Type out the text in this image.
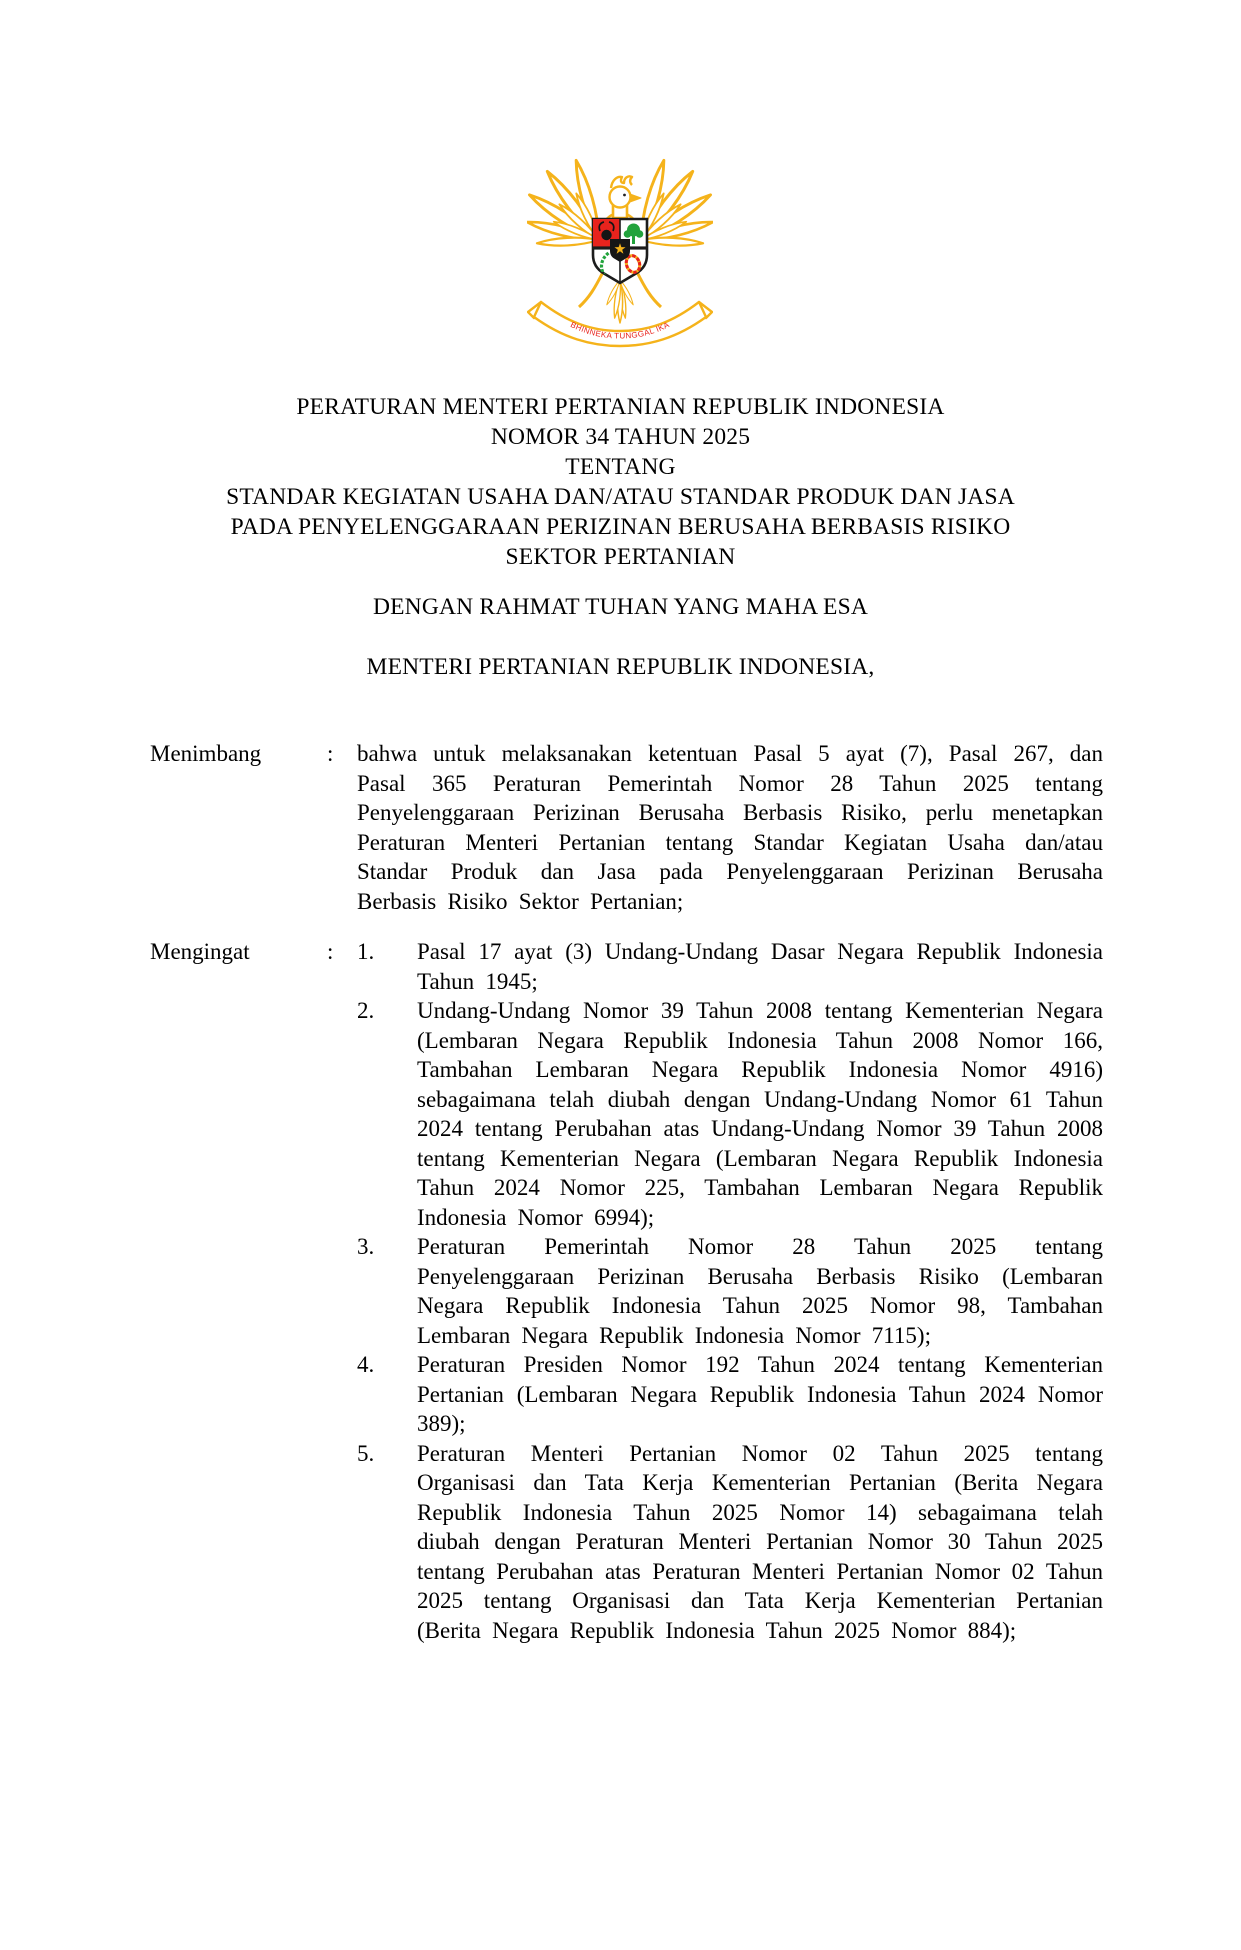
BHINNEKA TUNGGAL IKA
PERATURAN MENTERI PERTANIAN REPUBLIK INDONESIA
NOMOR 34 TAHUN 2025
TENTANG
STANDAR KEGIATAN USAHA DAN/ATAU STANDAR PRODUK DAN JASA
PADA PENYELENGGARAAN PERIZINAN BERUSAHA BERBASIS RISIKO
SEKTOR PERTANIAN
DENGAN RAHMAT TUHAN YANG MAHA ESA
MENTERI PERTANIAN REPUBLIK INDONESIA,
Menimbang	:	bahwa untuk melaksanakan ketentuan Pasal 5 ayat (7), Pasal 267, dan Pasal 365 Peraturan Pemerintah Nomor 28 Tahun 2025 tentang Penyelenggaraan Perizinan Berusaha Berbasis Risiko, perlu menetapkan Peraturan Menteri Pertanian tentang Standar Kegiatan Usaha dan/atau Standar Produk dan Jasa pada Penyelenggaraan Perizinan Berusaha Berbasis Risiko Sektor Pertanian;
Mengingat	:	1.	Pasal 17 ayat (3) Undang-Undang Dasar Negara Republik Indonesia Tahun 1945;
2.	Undang-Undang Nomor 39 Tahun 2008 tentang Kementerian Negara (Lembaran Negara Republik Indonesia Tahun 2008 Nomor 166, Tambahan Lembaran Negara Republik Indonesia Nomor 4916) sebagaimana telah diubah dengan Undang-Undang Nomor 61 Tahun 2024 tentang Perubahan atas Undang-Undang Nomor 39 Tahun 2008 tentang Kementerian Negara (Lembaran Negara Republik Indonesia Tahun 2024 Nomor 225, Tambahan Lembaran Negara Republik Indonesia Nomor 6994);
3.	Peraturan Pemerintah Nomor 28 Tahun 2025 tentang Penyelenggaraan Perizinan Berusaha Berbasis Risiko (Lembaran Negara Republik Indonesia Tahun 2025 Nomor 98, Tambahan Lembaran Negara Republik Indonesia Nomor 7115);
4.	Peraturan Presiden Nomor 192 Tahun 2024 tentang Kementerian Pertanian (Lembaran Negara Republik Indonesia Tahun 2024 Nomor 389);
5.	Peraturan Menteri Pertanian Nomor 02 Tahun 2025 tentang Organisasi dan Tata Kerja Kementerian Pertanian (Berita Negara Republik Indonesia Tahun 2025 Nomor 14) sebagaimana telah diubah dengan Peraturan Menteri Pertanian Nomor 30 Tahun 2025 tentang Perubahan atas Peraturan Menteri Pertanian Nomor 02 Tahun 2025 tentang Organisasi dan Tata Kerja Kementerian Pertanian (Berita Negara Republik Indonesia Tahun 2025 Nomor 884);
